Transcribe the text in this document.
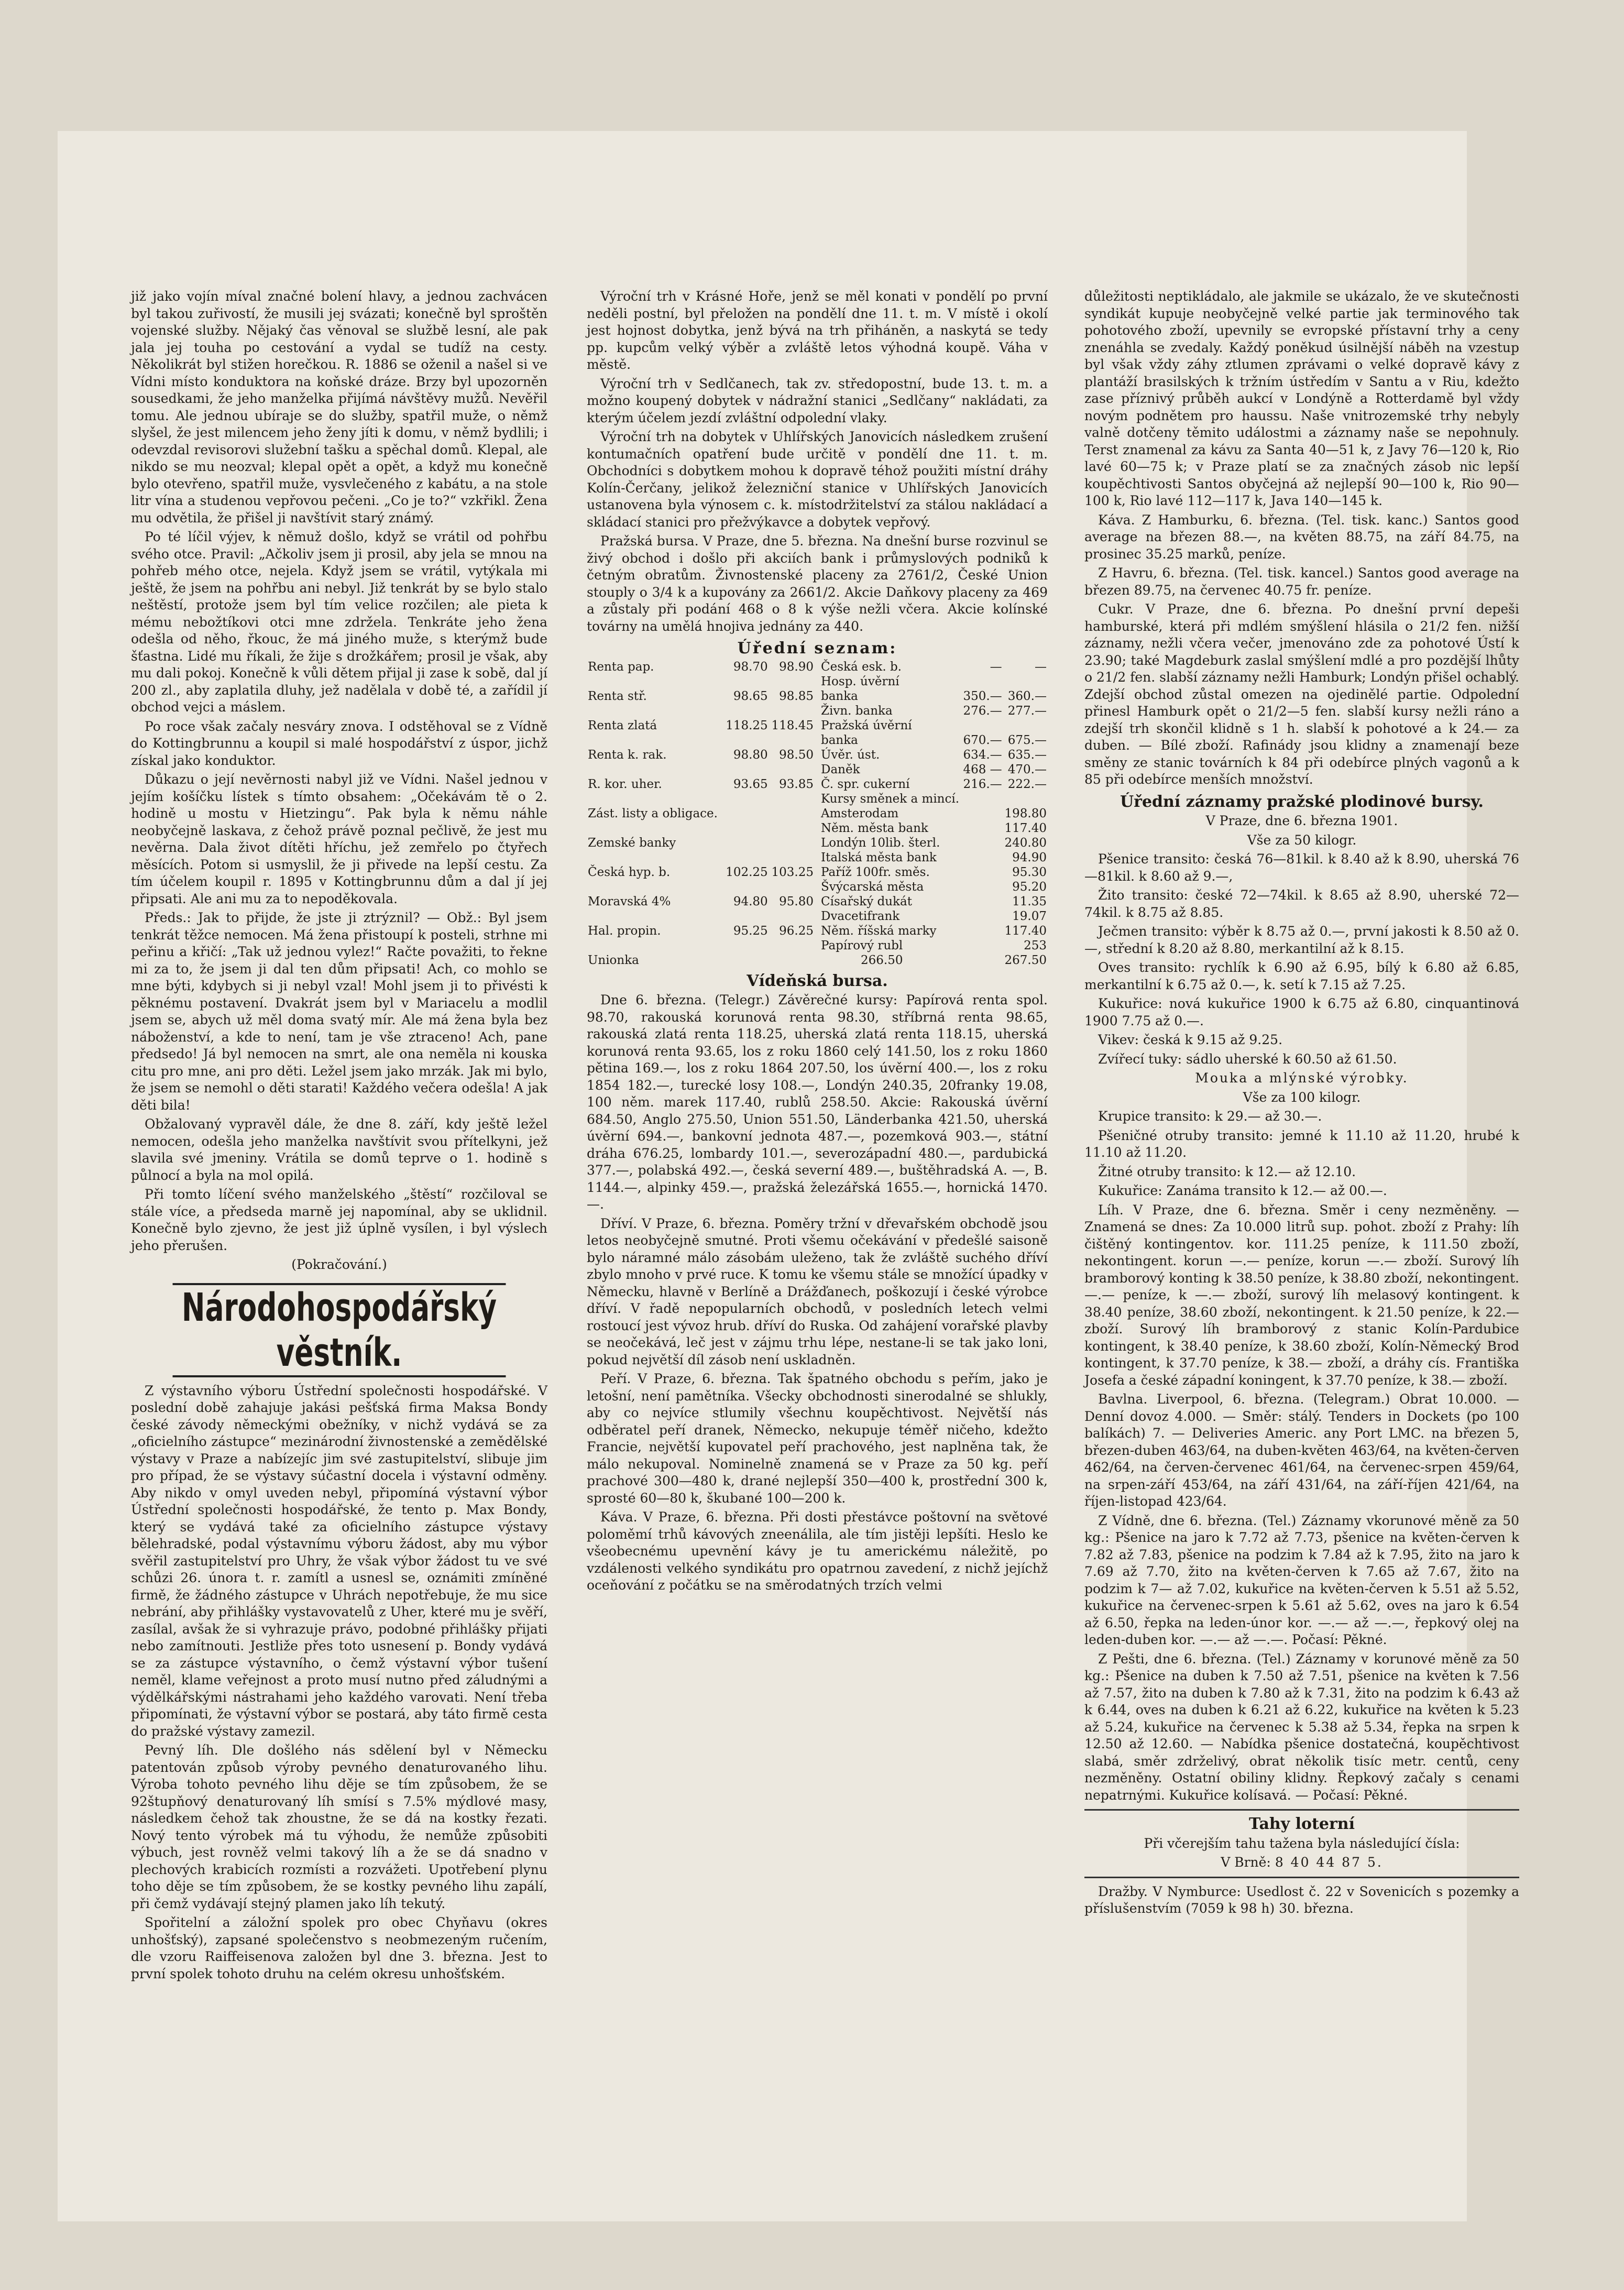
již jako vojín míval značné bolení hlavy, a jednou zachvácen byl takou zuřivostí, že musili jej svázati; konečně byl sproštěn vojenské služby. Nějaký čas věnoval se službě lesní, ale pak jala jej touha po cestování a vydal se tudíž na cesty. Několikrát byl stižen horečkou. R. 1886 se oženil a našel si ve Vídni místo konduktora na koňské dráze. Brzy byl upozorněn sousedkami, že jeho manželka přijímá návštěvy mužů. Nevěřil tomu. Ale jednou ubíraje se do služby, spatřil muže, o němž slyšel, že jest milencem jeho ženy jíti k domu, v němž bydlili; i odevzdal revisorovi služební tašku a spěchal domů. Klepal, ale nikdo se mu neozval; klepal opět a opět, a když mu konečně bylo otevřeno, spatřil muže, vysvlečeného z kabátu, a na stole litr vína a studenou vepřovou pečeni. „Co je to?“ vzkřikl. Žena mu odvětila, že přišel ji navštívit starý známý.

Po té líčil výjev, k němuž došlo, když se vrátil od pohřbu svého otce. Pravil: „Ačkoliv jsem ji prosil, aby jela se mnou na pohřeb mého otce, nejela. Když jsem se vrátil, vytýkala mi ještě, že jsem na pohřbu ani nebyl. Již tenkrát by se bylo stalo neštěstí, protože jsem byl tím velice rozčilen; ale pieta k mému nebožtíkovi otci mne zdržela. Tenkráte jeho žena odešla od něho, řkouc, že má jiného muže, s kterýmž bude šťastna. Lidé mu říkali, že žije s drožkářem; prosil je však, aby mu dali pokoj. Konečně k vůli dětem přijal ji zase k sobě, dal jí 200 zl., aby zaplatila dluhy, jež nadělala v době té, a zařídil jí obchod vejci a máslem.

Po roce však začaly nesváry znova. I odstěhoval se z Vídně do Kottingbrunnu a koupil si malé hospodářství z úspor, jichž získal jako konduktor.

Důkazu o její nevěrnosti nabyl již ve Vídni. Našel jednou v jejím košíčku lístek s tímto obsahem: „Očekávám tě o 2. hodině u mostu v Hietzingu“. Pak byla k němu náhle neobyčejně laskava, z čehož právě poznal pečlivě, že jest mu nevěrna. Dala život dítěti hříchu, jež zemřelo po čtyřech měsících. Potom si usmyslil, že ji přivede na lepší cestu. Za tím účelem koupil r. 1895 v Kottingbrunnu dům a dal jí jej připsati. Ale ani mu za to nepoděkovala.

Předs.: Jak to přijde, že jste ji ztrýznil? — Obž.: Byl jsem tenkrát těžce nemocen. Má žena přistoupí k posteli, strhne mi peřinu a křičí: „Tak už jednou vylez!“ Račte považiti, to řekne mi za to, že jsem ji dal ten dům připsati! Ach, co mohlo se mne býti, kdybych si ji nebyl vzal! Mohl jsem ji to přivésti k pěknému postavení. Dvakrát jsem byl v Mariacelu a modlil jsem se, abych už měl doma svatý mír. Ale má žena byla bez náboženství, a kde to není, tam je vše ztraceno! Ach, pane předsedo! Já byl nemocen na smrt, ale ona neměla ni kouska citu pro mne, ani pro děti. Ležel jsem jako mrzák. Jak mi bylo, že jsem se nemohl o děti starati! Každého večera odešla! A jak děti bila!

Obžalovaný vypravěl dále, že dne 8. září, kdy ještě ležel nemocen, odešla jeho manželka navštívit svou přítelkyni, jež slavila své jmeniny. Vrátila se domů teprve o 1. hodině s půlnocí a byla na mol opilá.

Při tomto líčení svého manželského „štěstí“ rozčiloval se stále více, a předseda marně jej napomínal, aby se uklidnil. Konečně bylo zjevno, že jest již úplně vysílen, i byl výslech jeho přerušen.

(Pokračování.)

Národohospodářský věstník.

Z výstavního výboru Ústřední společnosti hospodářské. V poslední době zahajuje jakási pešťská firma Maksa Bondy české závody německými obežníky, v nichž vydává se za „oficielního zástupce“ mezinárodní živnostenské a zemědělské výstavy v Praze a nabízejíc jim své zastupitelství, slibuje jim pro případ, že se výstavy súčastní docela i výstavní odměny. Aby nikdo v omyl uveden nebyl, připomíná výstavní výbor Ústřední společnosti hospodářské, že tento p. Max Bondy, který se vydává také za oficielního zástupce výstavy bělehradské, podal výstavnímu výboru žádost, aby mu výbor svěřil zastupitelství pro Uhry, že však výbor žádost tu ve své schůzi 26. února t. r. zamítl a usnesl se, oznámiti zmíněné firmě, že žádného zástupce v Uhrách nepotřebuje, že mu sice nebrání, aby přihlášky vystavovatelů z Uher, které mu je svěří, zasílal, avšak že si vyhrazuje právo, podobné přihlášky přijati nebo zamítnouti. Jestliže přes toto usnesení p. Bondy vydává se za zástupce výstavního, o čemž výstavní výbor tušení neměl, klame veřejnost a proto musí nutno před záludnými a výdělkářskými nástrahami jeho každého varovati. Není třeba připomínati, že výstavní výbor se postará, aby táto firmě cesta do pražské výstavy zamezil.

Pevný líh. Dle došlého nás sdělení byl v Německu patentován způsob výroby pevného denaturovaného lihu. Výroba tohoto pevného lihu děje se tím způsobem, že se 92štupňový denaturovaný líh smísí s 7.5% mýdlové masy, následkem čehož tak zhoustne, že se dá na kostky řezati. Nový tento výrobek má tu výhodu, že nemůže způsobiti výbuch, jest rovněž velmi takový líh a že se dá snadno v plechových krabicích rozmísti a rozvážeti. Upotřebení plynu toho děje se tím způsobem, že se kostky pevného lihu zapálí, při čemž vydávají stejný plamen jako líh tekutý.

Spořitelní a záložní spolek pro obec Chyňavu (okres unhošťský), zapsané společenstvo s neobmezeným ručením, dle vzoru Raiffeisenova založen byl dne 3. března. Jest to první spolek tohoto druhu na celém okresu unhošťském.

Výroční trh v Krásné Hoře, jenž se měl konati v pondělí po první neděli postní, byl přeložen na pondělí dne 11. t. m. V místě i okolí jest hojnost dobytka, jenž bývá na trh přiháněn, a naskytá se tedy pp. kupcům velký výběr a zvláště letos výhodná koupě. Váha v městě.

Výroční trh v Sedlčanech, tak zv. středopostní, bude 13. t. m. a možno koupený dobytek v nádražní stanici „Sedlčany“ nakládati, za kterým účelem jezdí zvláštní odpolední vlaky.

Výroční trh na dobytek v Uhlířských Janovicích následkem zrušení kontumačních opatření bude určitě v pondělí dne 11. t. m. Obchodníci s dobytkem mohou k dopravě téhož použiti místní dráhy Kolín-Čerčany, jelikož železniční stanice v Uhlířských Janovicích ustanovena byla výnosem c. k. místodržitelství za stálou nakládací a skládací stanici pro přežvýkavce a dobytek vepřový.

Pražská bursa. V Praze, dne 5. března. Na dnešní burse rozvinul se živý obchod i došlo při akciích bank i průmyslových podniků k četným obratům. Živnostenské placeny za 2761/2, České Union stouply o 3/4 k a kupovány za 2661/2. Akcie Daňkovy placeny za 469 a zůstaly při podání 468 o 8 k výše nežli včera. Akcie kolínské továrny na umělá hnojiva jednány za 440.

Úřední seznam:
Renta pap.	98.70	98.90
Renta stř.	98.65	98.85
Renta zlatá	118.25	118.45
Renta k. rak.	98.80	98.50
R. kor. uher.	93.65	93.85
Zást. listy a obligace.		
Zemské banky		
Česká hyp. b.	102.25	103.25
Moravská 4%	94.80	95.80
Hal. propin.	95.25	96.25
Česká esk. b.	—	—
Hosp. úvěrní		
banka	350.—	360.—
Živn. banka	276.—	277.—
Pražská úvěrní		
banka	670.—	675.—
Úvěr. úst.	634.—	635.—
Daněk	468 —	470.—
Č. spr. cukerní	216.—	222.—
Kursy směnek a mincí.		
Amsterodam		198.80
Něm. města bank		117.40
Londýn 10lib. šterl.		240.80
Italská města bank		94.90
Paříž 100fr. směs.		95.30
Švýcarská města		95.20
Císařský dukát		11.35
Dvacetifrank		19.07
Něm. říšská marky		117.40
Papírový rubl		253
Unionka	266.50	267.50
Vídeňská bursa.

Dne 6. března. (Telegr.) Závěrečné kursy: Papírová renta spol. 98.70, rakouská korunová renta 98.30, stříbrná renta 98.65, rakouská zlatá renta 118.25, uherská zlatá renta 118.15, uherská korunová renta 93.65, los z roku 1860 celý 141.50, los z roku 1860 pětina 169.—, los z roku 1864 207.50, los úvěrní 400.—, los z roku 1854 182.—, turecké losy 108.—, Londýn 240.35, 20franky 19.08, 100 něm. marek 117.40, rublů 258.50. Akcie: Rakouská úvěrní 684.50, Anglo 275.50, Union 551.50, Länderbanka 421.50, uherská úvěrní 694.—, bankovní jednota 487.—, pozemková 903.—, státní dráha 676.25, lombardy 101.—, severozápadní 480.—, pardubická 377.—, polabská 492.—, česká severní 489.—, buštěhradská A. —, B. 1144.—, alpinky 459.—, pražská železářská 1655.—, hornická 1470.—.

Dříví. V Praze, 6. března. Poměry tržní v dřevařském obchodě jsou letos neobyčejně smutné. Proti všemu očekávání v předešlé saisoně bylo náramné málo zásobám uleženo, tak že zvláště suchého dříví zbylo mnoho v prvé ruce. K tomu ke všemu stále se množící úpadky v Německu, hlavně v Berlíně a Drážďanech, poškozují i české výrobce dříví. V řadě nepopularních obchodů, v posledních letech velmi rostoucí jest vývoz hrub. dříví do Ruska. Od zahájení vorařské plavby se neočekává, leč jest v zájmu trhu lépe, nestane-li se tak jako loni, pokud největší díl zásob není uskladněn.

Peří. V Praze, 6. března. Tak špatného obchodu s peřím, jako je letošní, není pamětníka. Všecky obchodnosti sinerodalné se shlukly, aby co nejvíce stlumily všechnu koupěchtivost. Největší nás odběratel peří dranek, Německo, nekupuje téměř ničeho, kdežto Francie, největší kupovatel peří prachového, jest naplněna tak, že málo nekupoval. Nominelně znamená se v Praze za 50 kg. peří prachové 300—480 k, drané nejlepší 350—400 k, prostřední 300 k, sprosté 60—80 k, škubané 100—200 k.

Káva. V Praze, 6. března. Při dosti přestávce poštovní na světové poloměmí trhů kávových zneenálila, ale tím jistěji lepšíti. Heslo ke všeobecnému upevnění kávy je tu americkému náležitě, po vzdálenosti velkého syndikátu pro opatrnou zavedení, z nichž jejíchž oceňování z počátku se na směrodatných trzích velmi

důležitosti neptikládalo, ale jakmile se ukázalo, že ve skutečnosti syndikát kupuje neobyčejně velké partie jak terminového tak pohotového zboží, upevnily se evropské přístavní trhy a ceny znenáhla se zvedaly. Každý poněkud úsilnější náběh na vzestup byl však vždy záhy ztlumen zprávami o velké dopravě kávy z plantáží brasilských k tržním ústředím v Santu a v Riu, kdežto zase příznivý průběh aukcí v Londýně a Rotterdamě byl vždy novým podnětem pro haussu. Naše vnitrozemské trhy nebyly valně dotčeny těmito událostmi a záznamy naše se nepohnuly. Terst znamenal za kávu za Santa 40—51 k, z Javy 76—120 k, Rio lavé 60—75 k; v Praze platí se za značných zásob nic lepší koupěchtivosti Santos obyčejná až nejlepší 90—100 k, Rio 90—100 k, Rio lavé 112—117 k, Java 140—145 k.

Káva. Z Hamburku, 6. března. (Tel. tisk. kanc.) Santos good average na březen 88.—, na květen 88.75, na září 84.75, na prosinec 35.25 marků, peníze.

Z Havru, 6. března. (Tel. tisk. kancel.) Santos good average na březen 89.75, na červenec 40.75 fr. peníze.

Cukr. V Praze, dne 6. března. Po dnešní první depeši hamburské, která při mdlém smýšlení hlásila o 21/2 fen. nižší záznamy, nežli včera večer, jmenováno zde za pohotové Ústí k 23.90; také Magdeburk zaslal smýšlení mdlé a pro pozdější lhůty o 21/2 fen. slabší záznamy nežli Hamburk; Londýn přišel ochablý. Zdejší obchod zůstal omezen na ojedinělé partie. Odpolední přinesl Hamburk opět o 21/2—5 fen. slabší kursy nežli ráno a zdejší trh skončil klidně s 1 h. slabší k pohotové a k 24.— za duben. — Bílé zboží. Rafinády jsou klidny a znamenají beze směny ze stanic továrních k 84 při odebírce plných vagonů a k 85 při odebírce menších množství.

Úřední záznamy pražské plodinové bursy.

V Praze, dne 6. března 1901.

Vše za 50 kilogr.

Pšenice transito: česká 76—81kil. k 8.40 až k 8.90, uherská 76—81kil. k 8.60 až 9.—,

Žito transito: české 72—74kil. k 8.65 až 8.90, uherské 72—74kil. k 8.75 až 8.85.

Ječmen transito: výběr k 8.75 až 0.—, první jakosti k 8.50 až 0.—, střední k 8.20 až 8.80, merkantilní až k 8.15.

Oves transito: rychlík k 6.90 až 6.95, bílý k 6.80 až 6.85, merkantilní k 6.75 až 0.—, k. setí k 7.15 až 7.25.

Kukuřice: nová kukuřice 1900 k 6.75 až 6.80, cinquantinová 1900 7.75 až 0.—.

Vikev: česká k 9.15 až 9.25.

Zvířecí tuky: sádlo uherské k 60.50 až 61.50.

Mouka a mlýnské výrobky.

Vše za 100 kilogr.

Krupice transito: k 29.— až 30.—.

Pšeničné otruby transito: jemné k 11.10 až 11.20, hrubé k 11.10 až 11.20.

Žitné otruby transito: k 12.— až 12.10.

Kukuřice: Zanáma transito k 12.— až 00.—.

Líh. V Praze, dne 6. března. Směr i ceny nezměněny. — Znamená se dnes: Za 10.000 litrů sup. pohot. zboží z Prahy: líh čištěný kontingentov. kor. 111.25 peníze, k 111.50 zboží, nekontingent. korun —.— peníze, korun —.— zboží. Surový líh bramborový konting k 38.50 peníze, k 38.80 zboží, nekontingent. —.— peníze, k —.— zboží, surový líh melasový kontingent. k 38.40 peníze, 38.60 zboží, nekontingent. k 21.50 peníze, k 22.— zboží. Surový líh bramborový z stanic Kolín-Pardubice kontingent, k 38.40 peníze, k 38.60 zboží, Kolín-Německý Brod kontingent, k 37.70 peníze, k 38.— zboží, a dráhy cís. Františka Josefa a české západní koningent, k 37.70 peníze, k 38.— zboží.

Bavlna. Liverpool, 6. března. (Telegram.) Obrat 10.000. — Denní dovoz 4.000. — Směr: stálý. Tenders in Dockets (po 100 balíkách) 7. — Deliveries Americ. any Port LMC. na březen 5, březen-duben 463/64, na duben-květen 463/64, na květen-červen 462/64, na červen-červenec 461/64, na červenec-srpen 459/64, na srpen-září 453/64, na září 431/64, na září-říjen 421/64, na říjen-listopad 423/64.

Z Vídně, dne 6. března. (Tel.) Záznamy vkorunové měně za 50 kg.: Pšenice na jaro k 7.72 až 7.73, pšenice na květen-červen k 7.82 až 7.83, pšenice na podzim k 7.84 až k 7.95, žito na jaro k 7.69 až 7.70, žito na květen-červen k 7.65 až 7.67, žito na podzim k 7— až 7.02, kukuřice na květen-červen k 5.51 až 5.52, kukuřice na červenec-srpen k 5.61 až 5.62, oves na jaro k 6.54 až 6.50, řepka na leden-únor kor. —.— až —.—, řepkový olej na leden-duben kor. —.— až —.—. Počasí: Pěkné.

Z Pešti, dne 6. března. (Tel.) Záznamy v korunové měně za 50 kg.: Pšenice na duben k 7.50 až 7.51, pšenice na květen k 7.56 až 7.57, žito na duben k 7.80 až k 7.31, žito na podzim k 6.43 až k 6.44, oves na duben k 6.21 až 6.22, kukuřice na květen k 5.23 až 5.24, kukuřice na červenec k 5.38 až 5.34, řepka na srpen k 12.50 až 12.60. — Nabídka pšenice dostatečná, koupěchtivost slabá, směr zdrželivý, obrat několik tisíc metr. centů, ceny nezměněny. Ostatní obiliny klidny. Řepkový začaly s cenami nepatrnými. Kukuřice kolísavá. — Počasí: Pěkné.

Tahy loterní

Při včerejším tahu tažena byla následující čísla:

V Brně: 8 40 44 87 5.

Dražby. V Nymburce: Usedlost č. 22 v Sovenicích s pozemky a příslušenstvím (7059 k 98 h) 30. března.
